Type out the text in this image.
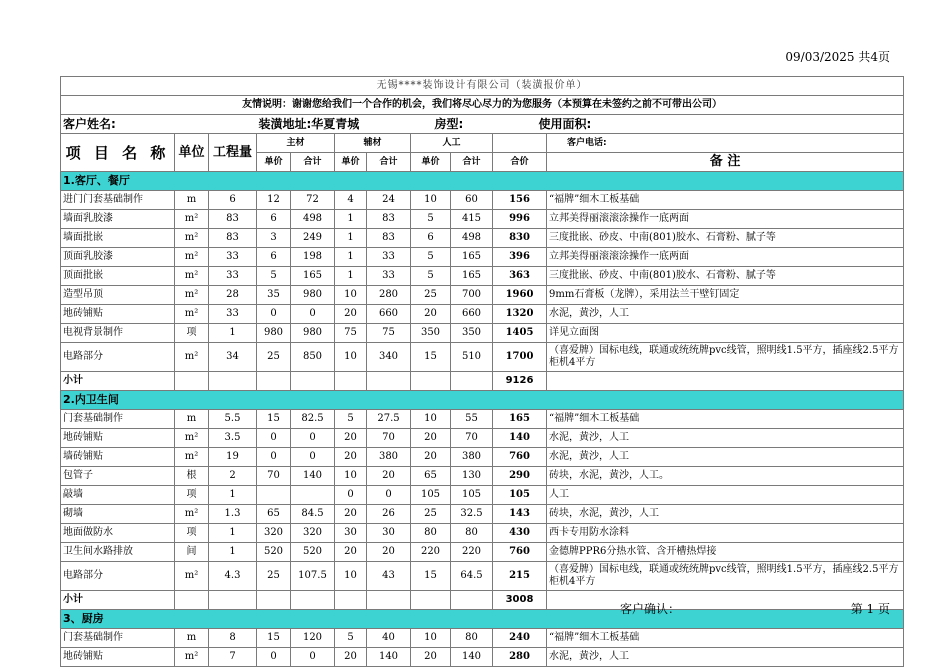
09/03/2025 共4页
无锡****装饰设计有限公司（装潢报价单）										
友情说明：谢谢您给我们一个合作的机会，我们将尽心尽力的为您服务（本预算在未签约之前不可带出公司）										
客户姓名:			装潢地址:华夏青城						房型:	使用面积:
项 目 名 称	单位	工程量	主材		辅材		人工			客户电话:
			单价	合计	单价	合计	单价	合计	合价	备 注
1.客厅、餐厅										
进门门套基础制作	m	6	12	72	4	24	10	60	156	“福牌”细木工板基础
墙面乳胶漆	m²	83	6	498	1	83	5	415	996	立邦美得丽滚滚涂操作一底两面
墙面批嵌	m²	83	3	249	1	83	6	498	830	三度批嵌、砂皮、中南(801)胶水、石膏粉、腻子等
顶面乳胶漆	m²	33	6	198	1	33	5	165	396	立邦美得丽滚滚涂操作一底两面
顶面批嵌	m²	33	5	165	1	33	5	165	363	三度批嵌、砂皮、中南(801)胶水、石膏粉、腻子等
造型吊顶	m²	28	35	980	10	280	25	700	1960	9mm石膏板（龙牌），采用法兰干壁钉固定
地砖铺贴	m²	33	0	0	20	660	20	660	1320	水泥，黄沙，人工
电视背景制作	项	1	980	980	75	75	350	350	1405	详见立面图
电路部分	m²	34	25	850	10	340	15	510	1700	（喜爱牌）国标电线，联通或统统牌pvc线管，照明线1.5平方，插座线2.5平方柜机4平方
小计									9126	
2.内卫生间										
门套基础制作	m	5.5	15	82.5	5	27.5	10	55	165	“福牌”细木工板基础
地砖铺贴	m²	3.5	0	0	20	70	20	70	140	水泥，黄沙，人工
墙砖铺贴	m²	19	0	0	20	380	20	380	760	水泥，黄沙，人工
包管子	根	2	70	140	10	20	65	130	290	砖块，水泥，黄沙，人工。
敲墙	项	1			0	0	105	105	105	人工
砌墙	m²	1.3	65	84.5	20	26	25	32.5	143	砖块，水泥，黄沙，人工
地面做防水	项	1	320	320	30	30	80	80	430	西卡专用防水涂料
卫生间水路排放	间	1	520	520	20	20	220	220	760	金德牌PPR6分热水管、含开槽热焊接
电路部分	m²	4.3	25	107.5	10	43	15	64.5	215	（喜爱牌）国标电线，联通或统统牌pvc线管，照明线1.5平方，插座线2.5平方柜机4平方
小计									3008	
3、厨房										
门套基础制作	m	8	15	120	5	40	10	80	240	“福牌”细木工板基础
地砖铺贴	m²	7	0	0	20	140	20	140	280	水泥，黄沙，人工
客户确认：	第 1 页
